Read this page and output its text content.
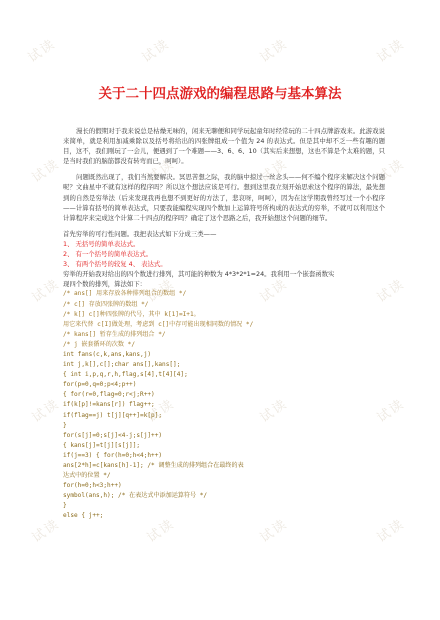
试读	试读	试读	试读
试读	试读	试读	试读
试读	试读	试读	试读
试读	试读	试读	试读
试读	试读	试读	试读
关于二十四点游戏的编程思路与基本算法

漫长的假期对于我来说总是枯燥无味的，闲来无聊便和同学玩起童年时经常玩的二十四点牌游戏来。此游戏说来简单，就是利用加减乘除以及括号将给出的四张牌组成一个值为 24 的表达式。但是其中却不乏一些有趣的题目，这不，我们刚玩了一会儿，便遇到了一个难题——3、6、6、10（其实后来想想，这也不算是个太难的题，只是当时我们的脑筋都没有转弯而已，呵呵）。

问题既然出现了，我们当然要解决。冥思苦想之际，我的脑中掠过一丝念头——何不编个程序来解决这个问题呢？文曲星中不就有这样的程序吗？所以这个想法应该是可行。想到这里我立刻开始思索这个程序的算法，最先想到的自然是穷举法（后来发现我再也想不到更好的方法了，悲哀呀，呵呵），因为在这学期我曾经写过一个小程序——计算有括号的简单表达式，只要我能编程实现四个数加上运算符号所构成的表达式的穷举，不就可以利用这个计算程序来完成这个计算二十四点的程序吗？确定了这个思路之后，我开始想这个问题的细节。

首先穷举的可行性问题。我把表达式如下分成三类——
1、 无括号的简单表达式。
2、 有一个括号的简单表达式。
3、 有两个括号的较复 4、 表达式。
穷举的开始我对给出的四个数进行排列，其可能的种数为 4*3*2*1=24。我利用一个嵌套函数实
现四个数的排列，算法如下：
/* ans[] 用来存放各种排列组合的数组 */
/* c[] 存放四张牌的数组 */
/* k[] c[]种四张牌的代号，其中 k[1]=I+1。
用它来代替 c[I]做处理，考虑到 c[]中存可能出现相同数的情况 */
/* kans[] 暂存生成的排列组合 */
/* j 嵌套循环的次数 */
int fans(c,k,ans,kans,j)
int j,k[],c[];char ans[],kans[];
{ int i,p,q,r,h,flag,s[4],t[4][4];
for(p=0,q=0;p<4;p++)
{ for(r=0,flag=0;r<j;R++)
if(k[p]!=kans[r]) flag++;
if(flag==j) t[j][q++]=k[p];
}
for(s[j]=0;s[j]<4-j;s[j]++)
{ kans[j]=t[j][s[j]];
if(j==3) { for(h=0;h<4;h++)
ans[2*h]=c[kans[h]-1]; /* 调整生成的排列组合在最终的表
达式中的位置 */
for(h=0;h<3;h++)
symbol(ans,h); /* 在表达式中添加运算符号 */
}
else { j++;
